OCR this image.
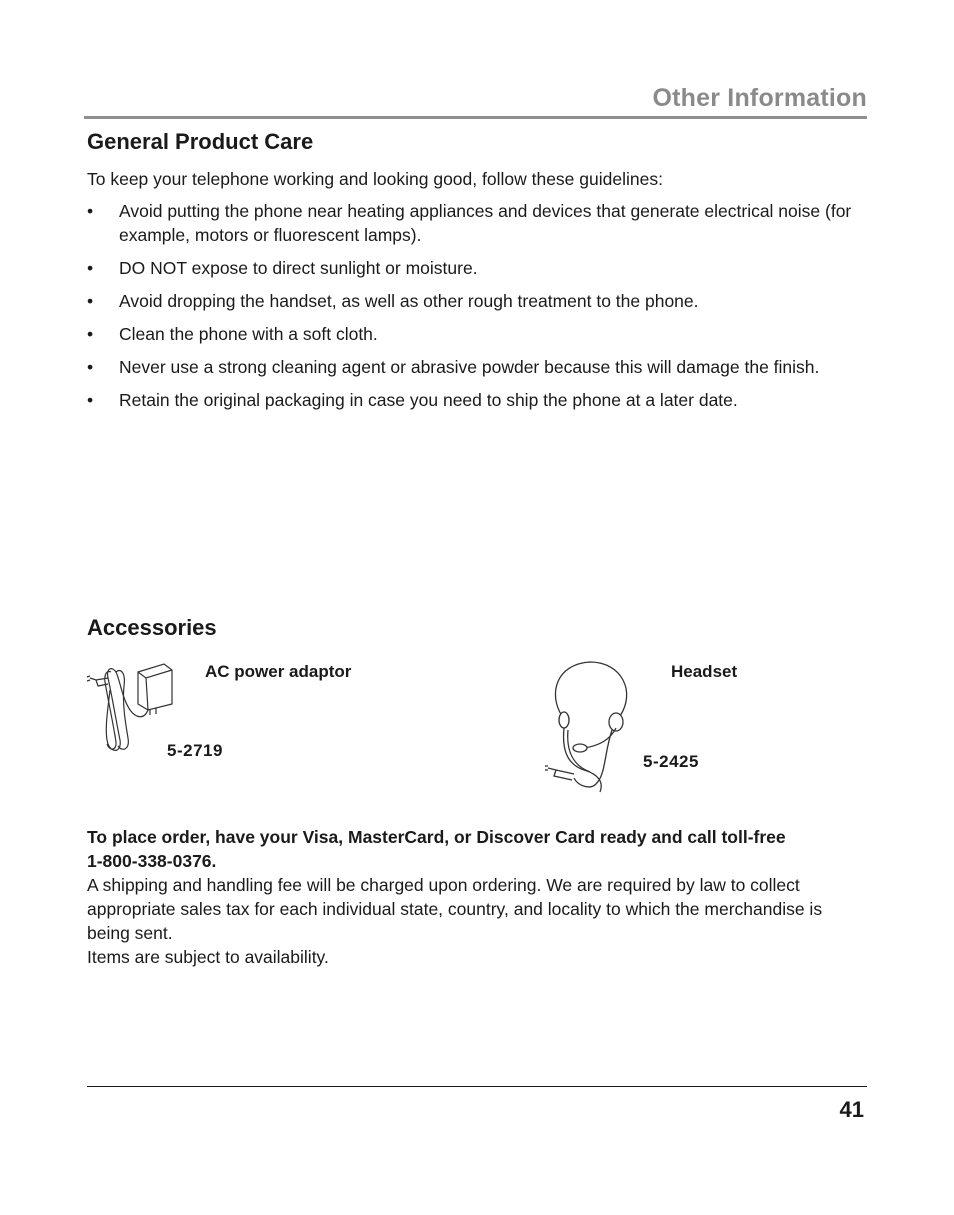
Other Information
General Product Care
To keep your telephone working and looking good, follow these guidelines:
• Avoid putting the phone near heating appliances and devices that generate electrical noise (for example, motors or fluorescent lamps).
• DO NOT expose to direct sunlight or moisture.
• Avoid dropping the handset, as well as other rough treatment to the phone.
• Clean the phone with a soft cloth.
• Never use a strong cleaning agent or abrasive powder because this will damage the finish.
• Retain the original packaging in case you need to ship the phone at a later date.
Accessories
AC power adaptor
5-2719
Headset
5-2425
To place order, have your Visa, MasterCard, or Discover Card ready and call toll-free
1-800-338-0376.

A shipping and handling fee will be charged upon ordering. We are required by law to collect appropriate sales tax for each individual state, country, and locality to which the merchandise is being sent.

Items are subject to availability.

41
